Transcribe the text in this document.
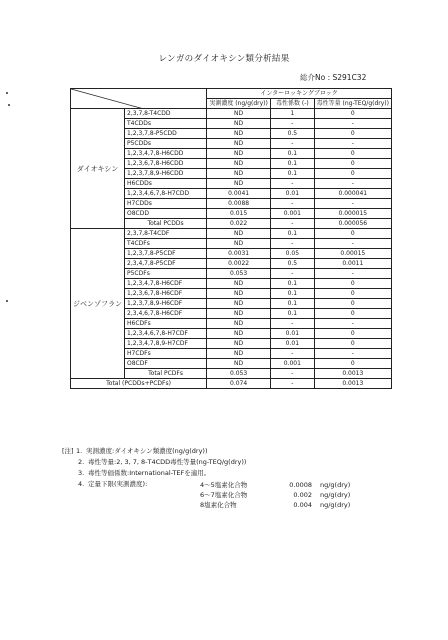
レンガのダイオキシン類分析結果
総介No : S291C32
	インターロッキングブロック		
		実測濃度 (ng/g(dry))	毒性係数 (-)	毒性等量 (ng-TEQ/g(dry))
ダイオキシン	2,3,7,8-T4CDD	ND	1	0
	T4CDDs	ND	-	-
	1,2,3,7,8-P5CDD	ND	0.5	0
	P5CDDs	ND	-	-
	1,2,3,4,7,8-H6CDD	ND	0.1	0
	1,2,3,6,7,8-H6CDD	ND	0.1	0
	1,2,3,7,8,9-H6CDD	ND	0.1	0
	H6CDDs	ND	-	-
	1,2,3,4,6,7,8-H7CDD	0.0041	0.01	0.000041
	H7CDDs	0.0088	-	-
	O8CDD	0.015	0.001	0.000015
	Total PCDDs	0.022	-	0.000056
ジベンゾフラン	2,3,7,8-T4CDF	ND	0.1	0
	T4CDFs	ND	-	-
	1,2,3,7,8-P5CDF	0.0031	0.05	0.00015
	2,3,4,7,8-P5CDF	0.0022	0.5	0.0011
	P5CDFs	0.053	-	-
	1,2,3,4,7,8-H6CDF	ND	0.1	0
	1,2,3,6,7,8-H6CDF	ND	0.1	0
	1,2,3,7,8,9-H6CDF	ND	0.1	0
	2,3,4,6,7,8-H6CDF	ND	0.1	0
	H6CDFs	ND	-	-
	1,2,3,4,6,7,8-H7CDF	ND	0.01	0
	1,2,3,4,7,8,9-H7CDF	ND	0.01	0
	H7CDFs	ND	-	-
	O8CDF	ND	0.001	0
	Total PCDFs	0.053	-	0.0013
Total (PCDDs+PCDFs)		0.074	-	0.0013
[注] 1. 実測濃度:ダイオキシン類濃度(ng/g(dry))
2. 毒性等量:2, 3, 7, 8-T4CDD毒性等量(ng-TEQ/g(dry))
3. 毒性等価係数:International-TEFを適用。
4. 定量下限(実測濃度):	4～5塩素化合物	0.0008 ng/g(dry)
6～7塩素化合物	0.002 ng/g(dry)
8塩素化合物	0.004 ng/g(dry)
